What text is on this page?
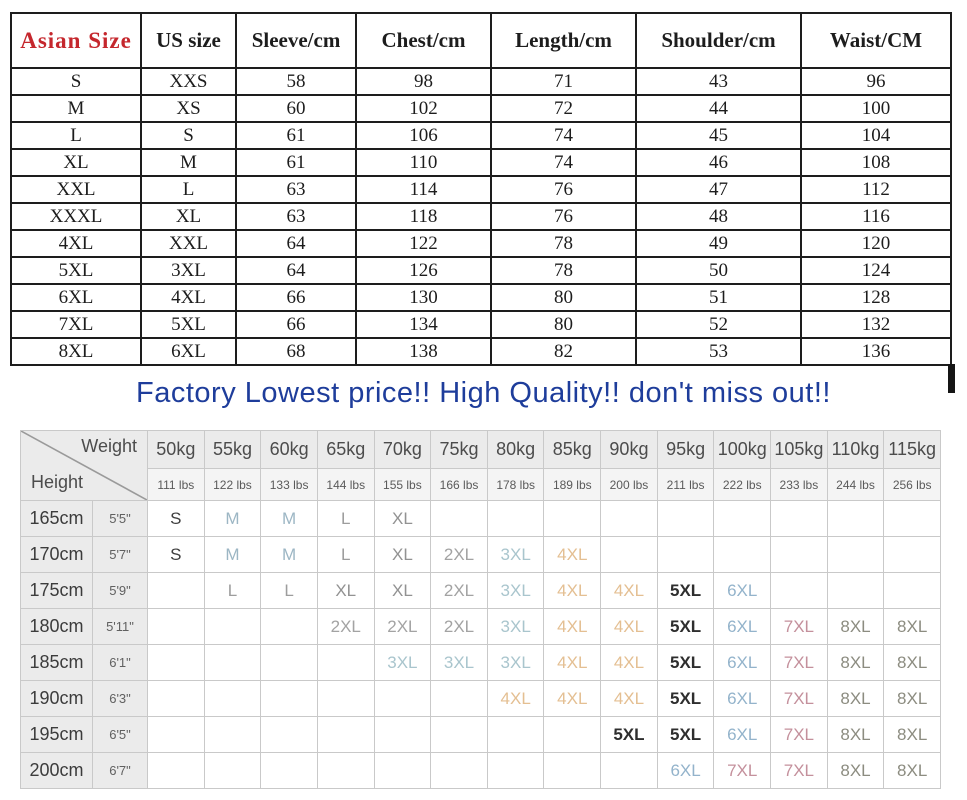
Asian Size	US size	Sleeve/cm	Chest/cm	Length/cm	Shoulder/cm	Waist/CM
S	XXS	58	98	71	43	96
M	XS	60	102	72	44	100
L	S	61	106	74	45	104
XL	M	61	110	74	46	108
XXL	L	63	114	76	47	112
XXXL	XL	63	118	76	48	116
4XL	XXL	64	122	78	49	120
5XL	3XL	64	126	78	50	124
6XL	4XL	66	130	80	51	128
7XL	5XL	66	134	80	52	132
8XL	6XL	68	138	82	53	136
Factory Lowest price!! High Quality!! don't miss out!!
Weight
Height		50kg	55kg	60kg	65kg	70kg	75kg	80kg	85kg	90kg	95kg	100kg	105kg	110kg	115kg
		111 lbs	122 lbs	133 lbs	144 lbs	155 lbs	166 lbs	178 lbs	189 lbs	200 lbs	211 lbs	222 lbs	233 lbs	244 lbs	256 lbs
165cm	5'5"	S	M	M	L	XL									
170cm	5'7"	S	M	M	L	XL	2XL	3XL	4XL						
175cm	5'9"		L	L	XL	XL	2XL	3XL	4XL	4XL	5XL	6XL			
180cm	5'11"				2XL	2XL	2XL	3XL	4XL	4XL	5XL	6XL	7XL	8XL	8XL
185cm	6'1"					3XL	3XL	3XL	4XL	4XL	5XL	6XL	7XL	8XL	8XL
190cm	6'3"							4XL	4XL	4XL	5XL	6XL	7XL	8XL	8XL
195cm	6'5"									5XL	5XL	6XL	7XL	8XL	8XL
200cm	6'7"										6XL	7XL	7XL	8XL	8XL
